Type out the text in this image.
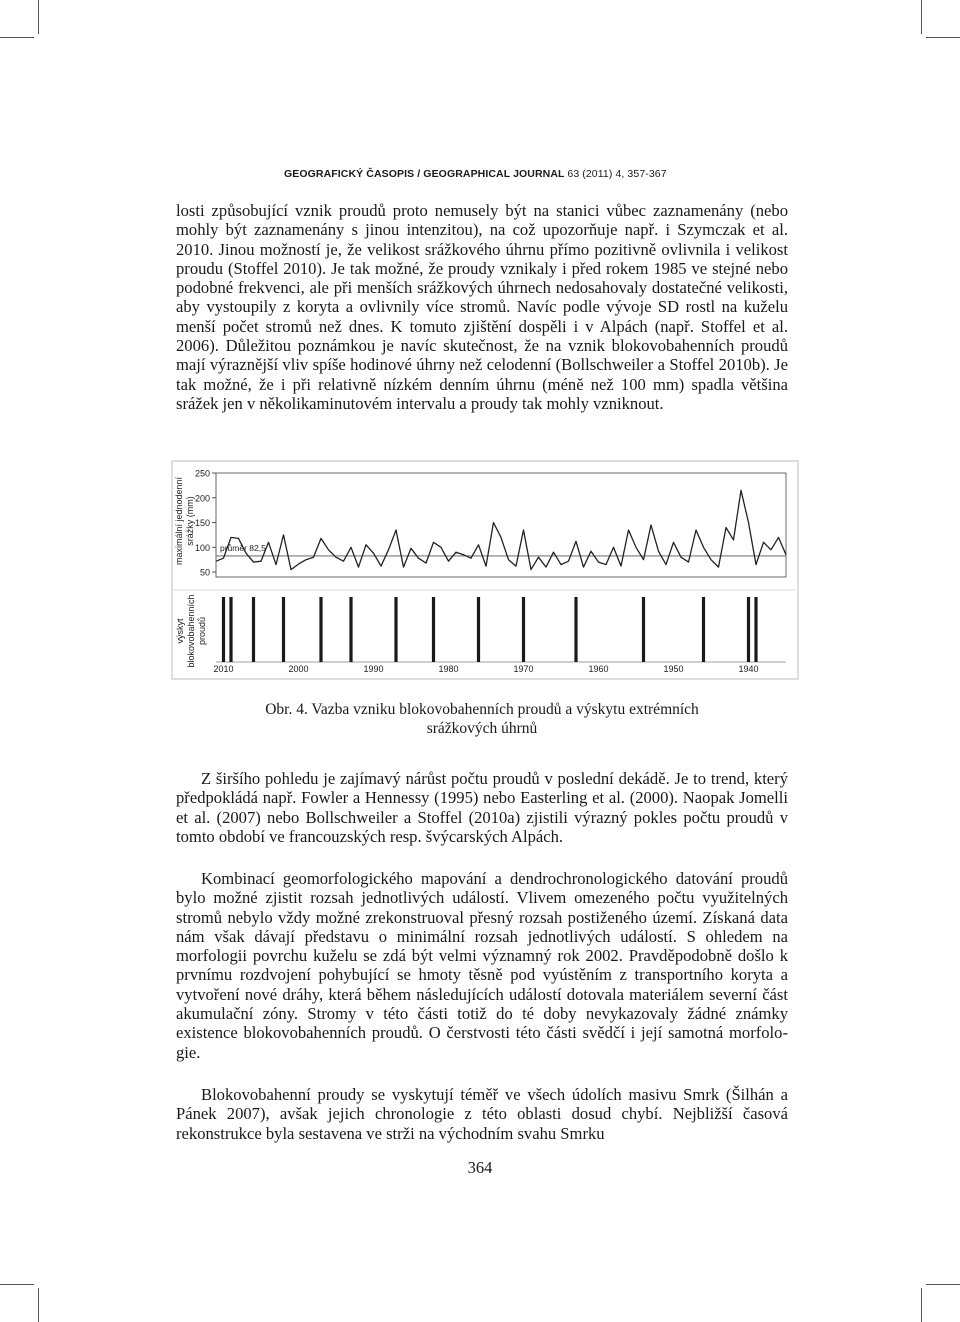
GEOGRAFICKÝ ČASOPIS / GEOGRAPHICAL JOURNAL 63 (2011) 4, 357-367
losti způsobující vznik proudů proto nemusely být na stanici vůbec zaznamenány (nebo mohly být zaznamenány s jinou intenzitou), na což upozorňuje např. i Szymczak et al. 2010. Jinou možností je, že velikost srážkového úhrnu přímo pozitivně ovlivnila i velikost proudu (Stoffel 2010). Je tak možné, že proudy vznikaly i před rokem 1985 ve stejné nebo podobné frekvenci, ale při menších srážkových úhrnech nedosahovaly dostatečné velikosti, aby vystoupily z koryta a ovlivnily více stromů. Navíc podle vývoje SD rostl na kuželu menší počet stromů než dnes. K tomuto zjištění dospěli i v Alpách (např. Stoffel et al. 2006). Důležitou poznámkou je navíc skutečnost, že na vznik blokovobahenních proudů mají výraznější vliv spíše hodinové úhrny než celodenní (Bollschweiler a Stoffel 2010b). Je tak možné, že i při relativně nízkém denním úhrnu (méně než 100 mm) spadla většina srážek jen v několikaminutovém intervalu a proudy tak mohly vzniknout.
250
200
150
100
50
maximální jednodenní srážky (mm)
výskyt blokovobahenních proudů
průměr 82,5
2010	2000	1990	1980	1970	1960	1950	1940
Obr. 4. Vazba vzniku blokovobahenních proudů a výskytu extrémních
srážkových úhrnů
Z širšího pohledu je zajímavý nárůst počtu proudů v poslední dekádě. Je to trend, který předpokládá např. Fowler a Hennessy (1995) nebo Easterling et al. (2000). Naopak Jomelli et al. (2007) nebo Bollschweiler a Stoffel (2010a) zjistili výrazný pokles počtu proudů v tomto období ve francouzských resp. švýcarských Alpách.
Kombinací geomorfologického mapování a dendrochronologického datování proudů bylo možné zjistit rozsah jednotlivých událostí. Vlivem omezeného počtu využitelných stromů nebylo vždy možné zrekonstruoval přesný rozsah postiženého území. Získaná data nám však dávají představu o minimální rozsah jednotlivých událostí. S ohledem na morfologii povrchu kuželu se zdá být velmi významný rok 2002. Pravděpodobně došlo k prvnímu rozdvojení pohybující se hmoty těsně pod vyústěním z transportního koryta a vytvoření nové dráhy, která během následujících událostí dotovala materiálem severní část akumulační zóny. Stromy v této části totiž do té doby nevykazovaly žádné známky existence blokovobahenních proudů. O čerstvosti této části svědčí i její samotná morfologie.
Blokovobahenní proudy se vyskytují téměř ve všech údolích masivu Smrk (Šilhán a Pánek 2007), avšak jejich chronologie z této oblasti dosud chybí. Nejbližší časová rekonstrukce byla sestavena ve strži na východním svahu Smrku
364
